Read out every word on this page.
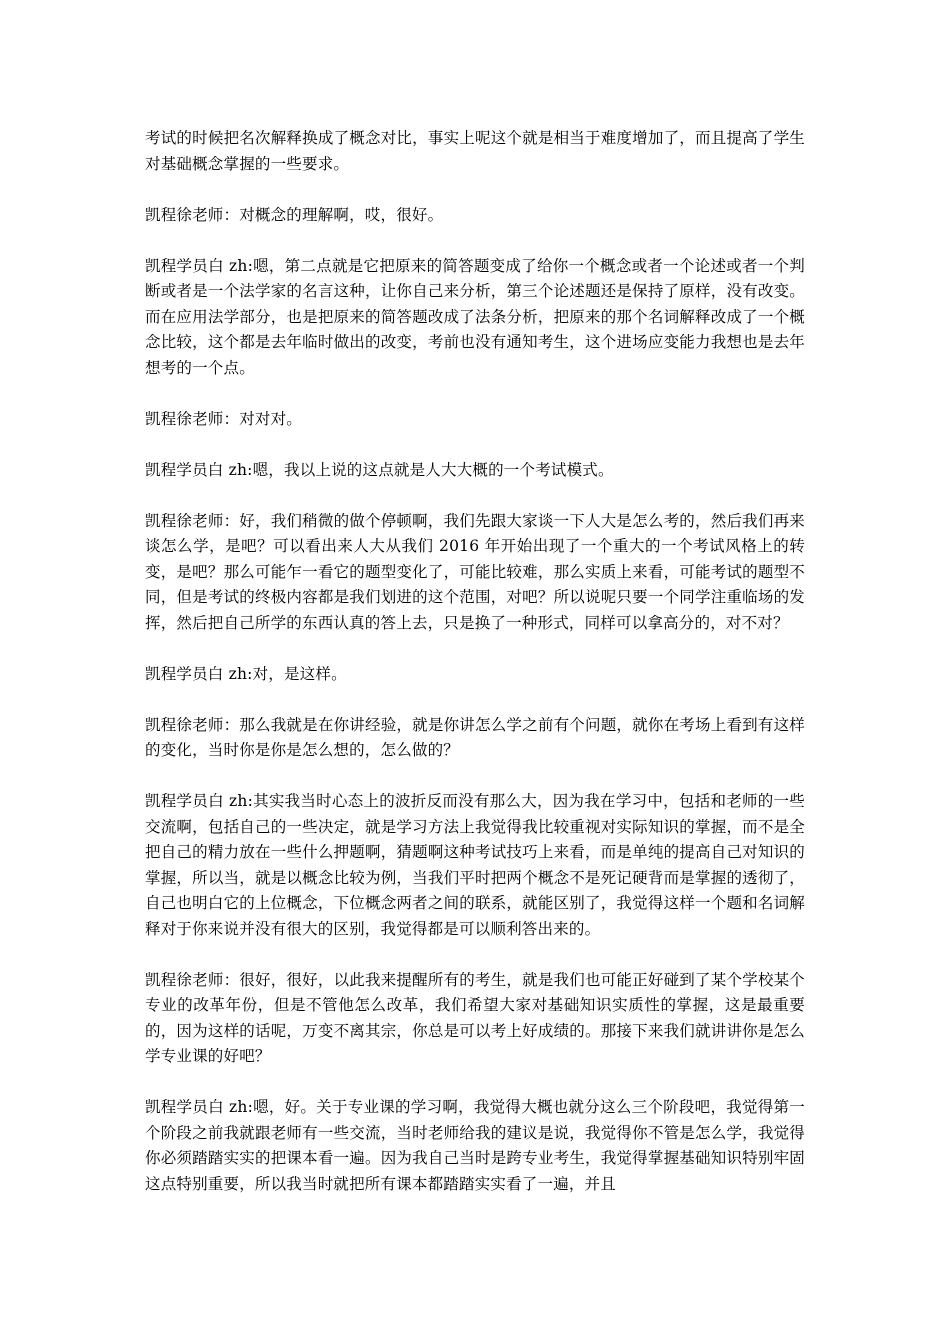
考试的时候把名次解释换成了概念对比，事实上呢这个就是相当于难度增加了，而且提高了学生对基础概念掌握的一些要求。

凯程徐老师：对概念的理解啊，哎，很好。

凯程学员白 zh:嗯，第二点就是它把原来的简答题变成了给你一个概念或者一个论述或者一个判断或者是一个法学家的名言这种，让你自己来分析，第三个论述题还是保持了原样，没有改变。而在应用法学部分，也是把原来的简答题改成了法条分析，把原来的那个名词解释改成了一个概念比较，这个都是去年临时做出的改变，考前也没有通知考生，这个进场应变能力我想也是去年想考的一个点。

凯程徐老师：对对对。

凯程学员白 zh:嗯，我以上说的这点就是人大大概的一个考试模式。

凯程徐老师：好，我们稍微的做个停顿啊，我们先跟大家谈一下人大是怎么考的，然后我们再来谈怎么学，是吧？可以看出来人大从我们 2016 年开始出现了一个重大的一个考试风格上的转变，是吧？那么可能乍一看它的题型变化了，可能比较难，那么实质上来看，可能考试的题型不同，但是考试的终极内容都是我们划进的这个范围，对吧？所以说呢只要一个同学注重临场的发挥，然后把自己所学的东西认真的答上去，只是换了一种形式，同样可以拿高分的，对不对？

凯程学员白 zh:对，是这样。

凯程徐老师：那么我就是在你讲经验，就是你讲怎么学之前有个问题，就你在考场上看到有这样的变化，当时你是你是怎么想的，怎么做的？

凯程学员白 zh:其实我当时心态上的波折反而没有那么大，因为我在学习中，包括和老师的一些交流啊，包括自己的一些决定，就是学习方法上我觉得我比较重视对实际知识的掌握，而不是全把自己的精力放在一些什么押题啊，猜题啊这种考试技巧上来看，而是单纯的提高自己对知识的掌握，所以当，就是以概念比较为例，当我们平时把两个概念不是死记硬背而是掌握的透彻了，自己也明白它的上位概念，下位概念两者之间的联系，就能区别了，我觉得这样一个题和名词解释对于你来说并没有很大的区别，我觉得都是可以顺利答出来的。

凯程徐老师：很好，很好，以此我来提醒所有的考生，就是我们也可能正好碰到了某个学校某个专业的改革年份，但是不管他怎么改革，我们希望大家对基础知识实质性的掌握，这是最重要的，因为这样的话呢，万变不离其宗，你总是可以考上好成绩的。那接下来我们就讲讲你是怎么学专业课的好吧？

凯程学员白 zh:嗯，好。关于专业课的学习啊，我觉得大概也就分这么三个阶段吧，我觉得第一个阶段之前我就跟老师有一些交流，当时老师给我的建议是说，我觉得你不管是怎么学，我觉得你必须踏踏实实的把课本看一遍。因为我自己当时是跨专业考生，我觉得掌握基础知识特别牢固这点特别重要，所以我当时就把所有课本都踏踏实实看了一遍，并且
